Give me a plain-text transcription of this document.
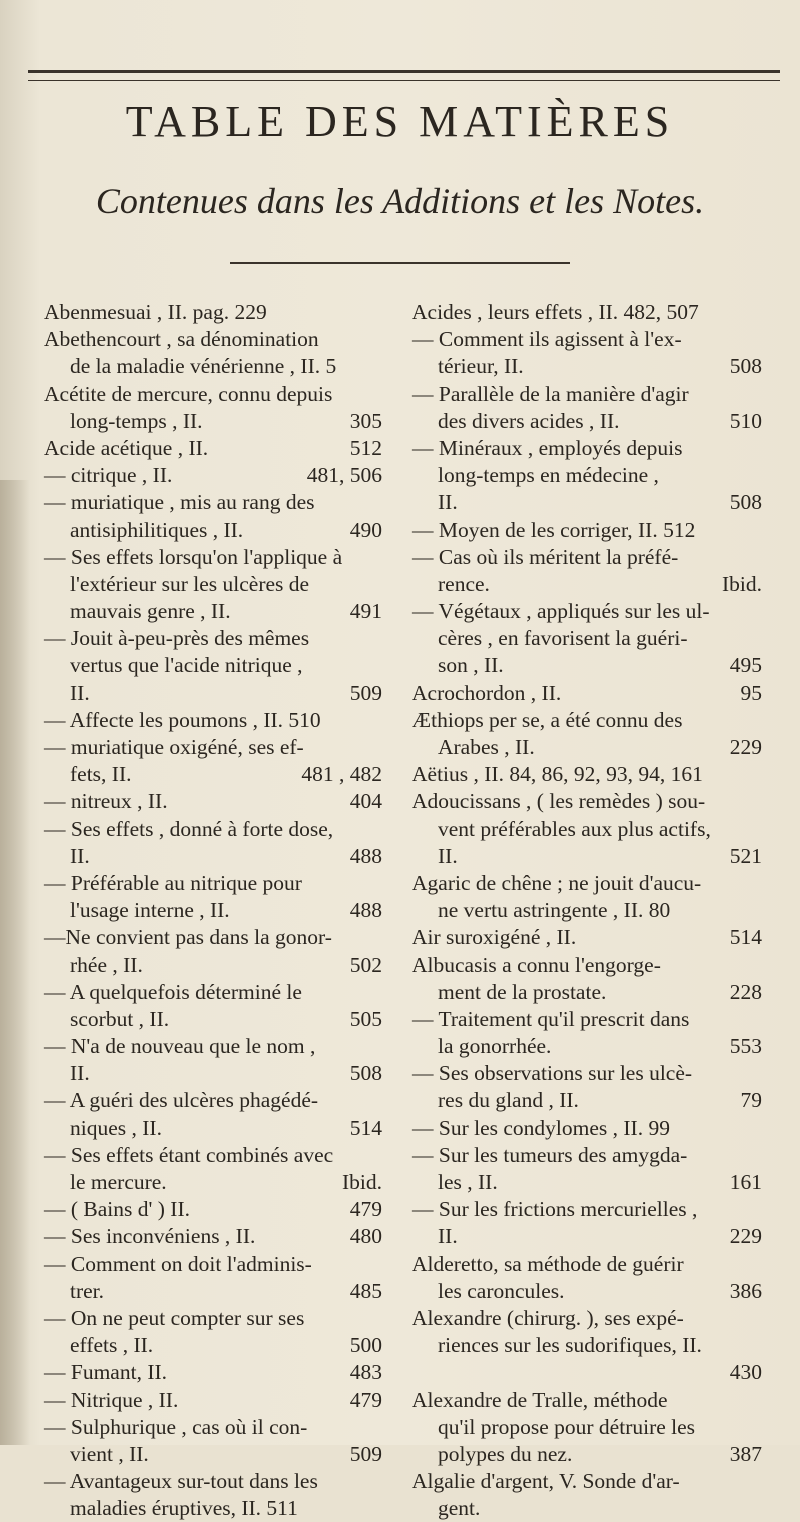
TABLE DES MATIÈRES
Contenues dans les Additions et les Notes.
Abenmesuai , II. pag. 229
Abethencourt , sa dénomination
de la maladie vénérienne , II. 5
Acétite de mercure, connu depuis
long-temps , II.	305
Acide acétique , II.	512
— citrique , II.	481, 506
— muriatique , mis au rang des
antisiphilitiques , II.	490
— Ses effets lorsqu'on l'applique à
l'extérieur sur les ulcères de
mauvais genre , II.	491
— Jouit à-peu-près des mêmes
vertus que l'acide nitrique ,
II.	509
— Affecte les poumons , II. 510
— muriatique oxigéné, ses ef-
fets, II.	481 , 482
— nitreux , II.	404
— Ses effets , donné à forte dose,
II.	488
— Préférable au nitrique pour
l'usage interne , II.	488
—Ne convient pas dans la gonor-
rhée , II.	502
— A quelquefois déterminé le
scorbut , II.	505
— N'a de nouveau que le nom ,
II.	508
— A guéri des ulcères phagédé-
niques , II.	514
— Ses effets étant combinés avec
le mercure.	Ibid.
— ( Bains d' ) II.	479
— Ses inconvéniens , II.	480
— Comment on doit l'adminis-
trer.	485
— On ne peut compter sur ses
effets , II.	500
— Fumant, II.	483
— Nitrique , II.	479
— Sulphurique , cas où il con-
vient , II.	509
— Avantageux sur-tout dans les
maladies éruptives, II. 511
Acides , leurs effets , II. 482, 507
— Comment ils agissent à l'ex-
térieur, II.	508
— Parallèle de la manière d'agir
des divers acides , II.	510
— Minéraux , employés depuis
long-temps en médecine ,
II.	508
— Moyen de les corriger, II. 512
— Cas où ils méritent la préfé-
rence.	Ibid.
— Végétaux , appliqués sur les ul-
cères , en favorisent la guéri-
son , II.	495
Acrochordon , II.	95
Æthiops per se, a été connu des
Arabes , II.	229
Aëtius , II. 84, 86, 92, 93, 94, 161
Adoucissans , ( les remèdes ) sou-
vent préférables aux plus actifs,
II.	521
Agaric de chêne ; ne jouit d'aucu-
ne vertu astringente , II. 80
Air suroxigéné , II.	514
Albucasis a connu l'engorge-
ment de la prostate.	228
— Traitement qu'il prescrit dans
la gonorrhée.	553
— Ses observations sur les ulcè-
res du gland , II.	79
— Sur les condylomes , II. 99
— Sur les tumeurs des amygda-
les , II.	161
— Sur les frictions mercurielles ,
II.	229
Alderetto, sa méthode de guérir
les caroncules.	386
Alexandre (chirurg. ), ses expé-
riences sur les sudorifiques, II.
430
Alexandre de Tralle, méthode
qu'il propose pour détruire les
polypes du nez.	387
Algalie d'argent, V. Sonde d'ar-
gent.
